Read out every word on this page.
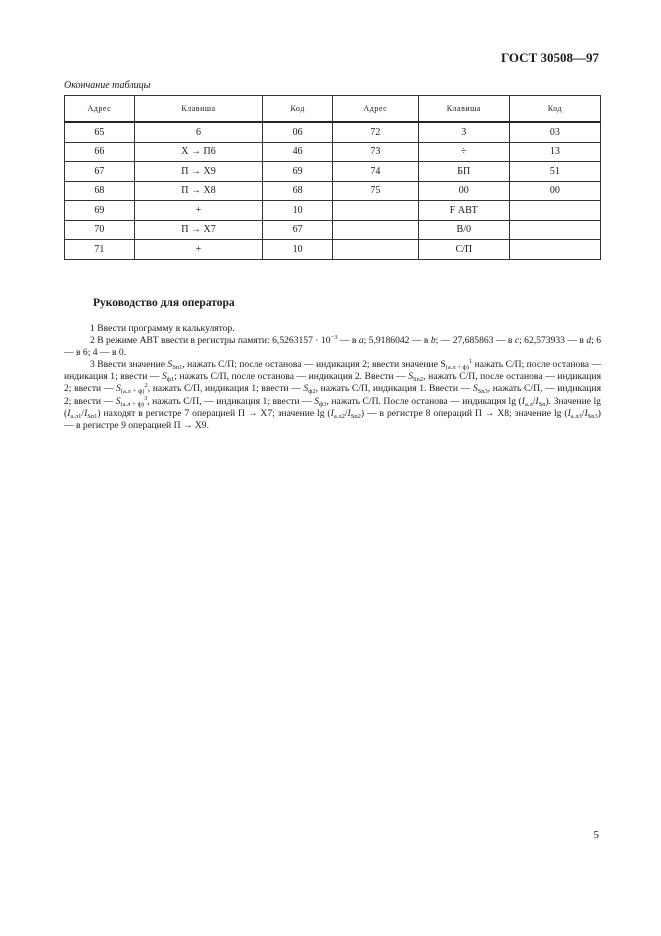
ГОСТ 30508—97
Окончание таблицы
Адрес	Клавиша	Код	Адрес	Клавиша	Код
65	6	06	72	3	03
66	X → П6	46	73	÷	13
67	П → X9	69	74	БП	51
68	П → X8	68	75	00	00
69	+	10		F АВТ	
70	П → X7	67		В/0	
71	+	10		С/П	
Руководство для оператора

1 Ввести программу в калькулятор.

2 В режиме АВТ ввести в регистры памяти: $6,5263157 \cdot 10^{-3}$ — в a; 5,9186042 — в b; — 27,685863 — в c; 62,573933 — в d; 6 — в 6; 4 — в 0.

3 Ввести значение $S_{Sn1}$, нажать С/П; после останова — индикация 2; ввести значение $S_{(а.л + ф)}^1$ нажать С/П; после останова — индикация 1; ввести — $S_{ф1}$; нажать С/П, после останова — индикация 2. Ввести — $S_{Sn2}$, нажать С/П, после останова — индикация 2; ввести — $S_{(а.л + ф)}^2$, нажать С/П, индикация 1; ввести — $S_{ф2}$, нажать С/П, индикация 1. Ввести — $S_{Sn3}$, нажать С/П, — индикация 2; ввести — $S_{(а.л + ф)}^3$, нажать С/П, — индикация 1; ввести — $S_{ф3}$, нажать С/П. После останова — индикация $\lg (I_{а.л}/I_{Sn})$. Значение $\lg (I_{а.л1}/I_{Sn1})$ находят в регистре 7 операцией П → X7; значение $\lg (I_{а.л2}/I_{Sn2})$ — в регистре 8 операций П → X8; значение $\lg (I_{а.л3}/I_{Sn3})$ — в регистре 9 операцией П → X9.

5
